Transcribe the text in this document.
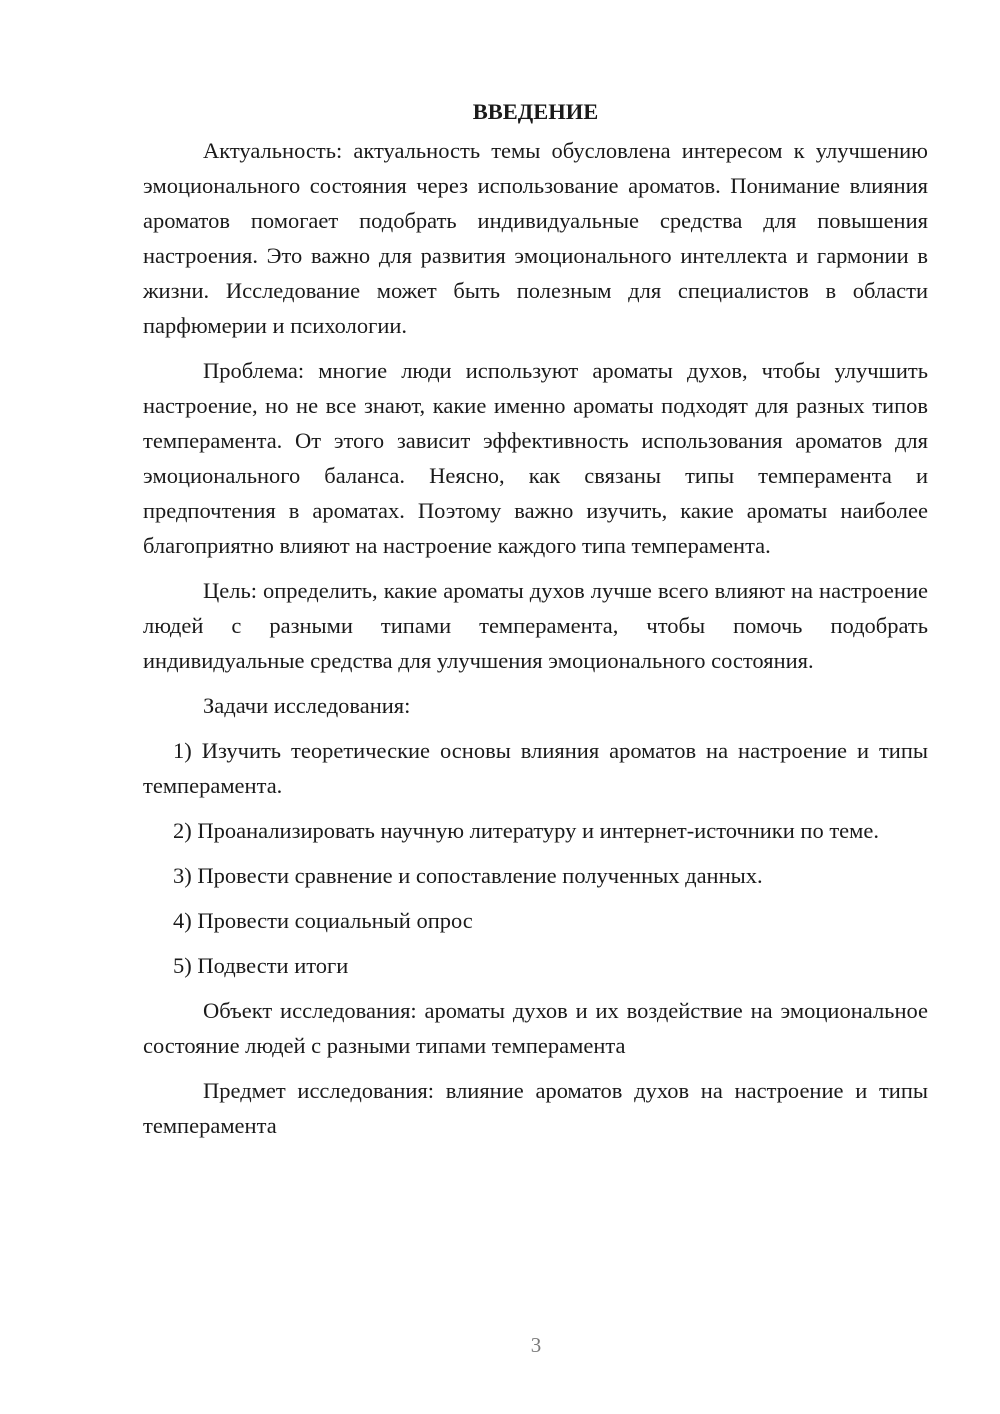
ВВЕДЕНИЕ

Актуальность: актуальность темы обусловлена интересом к улучшению эмоционального состояния через использование ароматов. Понимание влияния ароматов помогает подобрать индивидуальные средства для повышения настроения. Это важно для развития эмоционального интеллекта и гармонии в жизни. Исследование может быть полезным для специалистов в области парфюмерии и психологии.

Проблема: многие люди используют ароматы духов, чтобы улучшить настроение, но не все знают, какие именно ароматы подходят для разных типов темперамента. От этого зависит эффективность использования ароматов для эмоционального баланса. Неясно, как связаны типы темперамента и предпочтения в ароматах. Поэтому важно изучить, какие ароматы наиболее благоприятно влияют на настроение каждого типа темперамента.

Цель: определить, какие ароматы духов лучше всего влияют на настроение людей с разными типами темперамента, чтобы помочь подобрать индивидуальные средства для улучшения эмоционального состояния.

Задачи исследования:

1) Изучить теоретические основы влияния ароматов на настроение и типы темперамента.

2) Проанализировать научную литературу и интернет-источники по теме.

3) Провести сравнение и сопоставление полученных данных.

4) Провести социальный опрос

5) Подвести итоги

Объект исследования: ароматы духов и их воздействие на эмоциональное состояние людей с разными типами темперамента

Предмет исследования: влияние ароматов духов на настроение и типы темперамента

3
